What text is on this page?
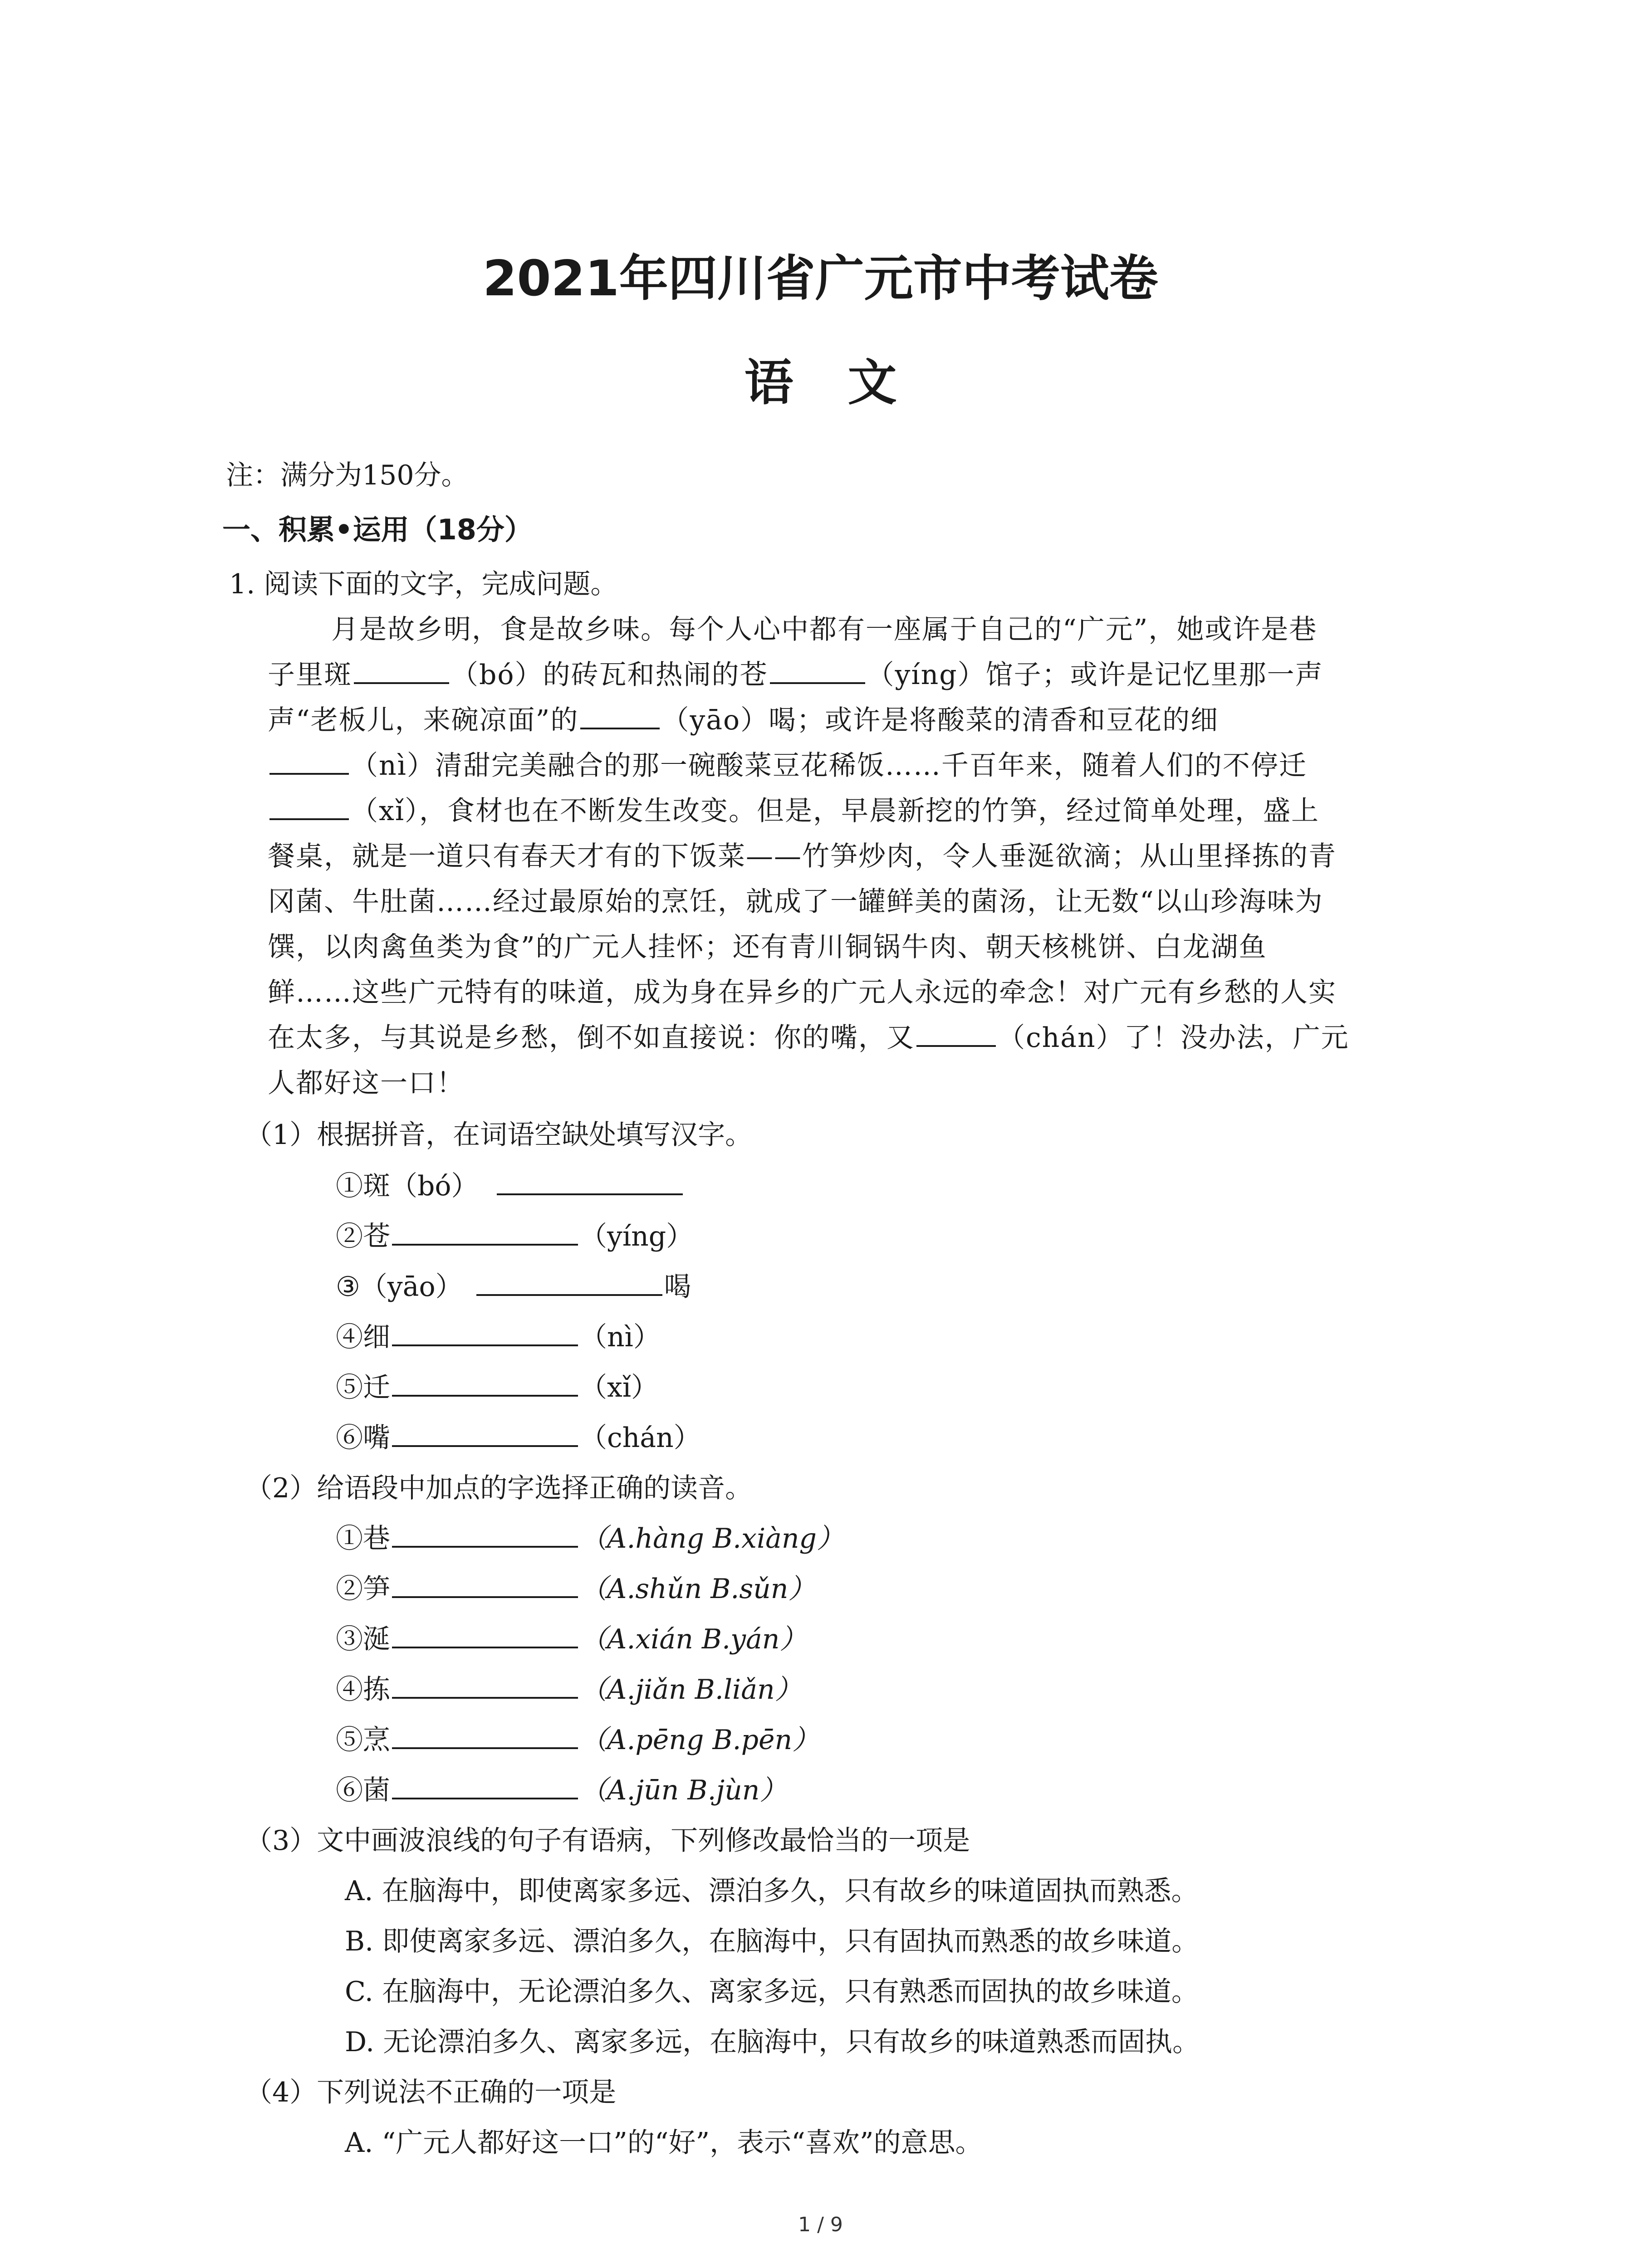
2021年四川省广元市中考试卷
语文
注：满分为150分。
一、积累•运用（18分）
1. 阅读下面的文字，完成问题。
月是故乡明，食是故乡味。每个人心中都有一座属于自己的“广元”，她或许是巷
子里斑	（bó）的砖瓦和热闹的苍	（yíng）馆子；或许是记忆里那一声
声“老板儿，来碗凉面”的	（yāo）喝；或许是将酸菜的清香和豆花的细
（nì）清甜完美融合的那一碗酸菜豆花稀饭……千百年来，随着人们的不停迁
（xǐ），食材也在不断发生改变。但是，早晨新挖的竹笋，经过简单处理，盛上
餐桌，就是一道只有春天才有的下饭菜——竹笋炒肉，令人垂涎欲滴；从山里择拣的青
冈菌、牛肚菌……经过最原始的烹饪，就成了一罐鲜美的菌汤，让无数“以山珍海味为
馔，以肉禽鱼类为食”的广元人挂怀；还有青川铜锅牛肉、朝天核桃饼、白龙湖鱼
鲜……这些广元特有的味道，成为身在异乡的广元人永远的牵念！对广元有乡愁的人实
在太多，与其说是乡愁，倒不如直接说：你的嘴，又	（chán）了！没办法，广元
人都好这一口！
（1）根据拼音，在词语空缺处填写汉字。
①斑（bó）
②苍	（yíng）
③（yāo）	喝
④细	（nì）
⑤迁	（xǐ）
⑥嘴	（chán）
（2）给语段中加点的字选择正确的读音。
①巷	（A.hàng B.xiàng）
②笋	（A.shǔn B.sǔn）
③涎	（A.xián B.yán）
④拣	（A.jiǎn B.liǎn）
⑤烹	（A.pēng B.pēn）
⑥菌	（A.jūn B.jùn）
（3）文中画波浪线的句子有语病，下列修改最恰当的一项是
A. 在脑海中，即使离家多远、漂泊多久，只有故乡的味道固执而熟悉。
B. 即使离家多远、漂泊多久，在脑海中，只有固执而熟悉的故乡味道。
C. 在脑海中，无论漂泊多久、离家多远，只有熟悉而固执的故乡味道。
D. 无论漂泊多久、离家多远，在脑海中，只有故乡的味道熟悉而固执。
（4）下列说法不正确的一项是
A. “广元人都好这一口”的“好”，表示“喜欢”的意思。
1 / 9
